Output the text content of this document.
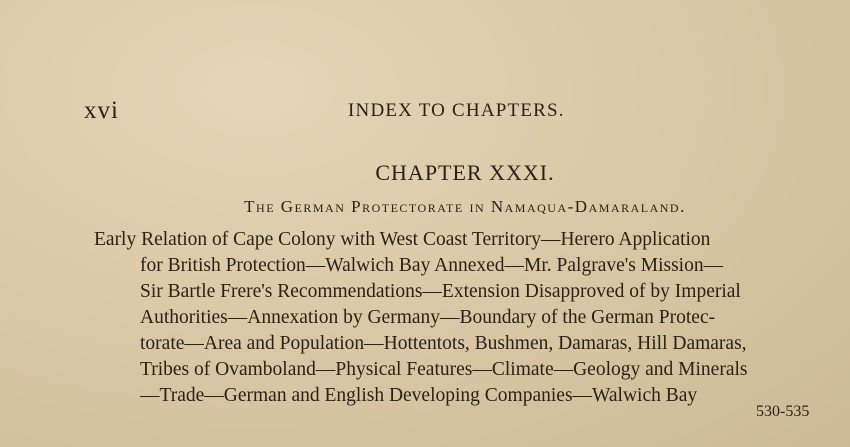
xvi	INDEX TO CHAPTERS.
CHAPTER XXXI.
The German Protectorate in Namaqua-Damaraland.
Early Relation of Cape Colony with West Coast Territory—Herero Application
for British Protection—Walwich Bay Annexed—Mr. Palgrave's Mission—
Sir Bartle Frere's Recommendations—Extension Disapproved of by Imperial
Authorities—Annexation by Germany—Boundary of the German Protec-
torate—Area and Population—Hottentots, Bushmen, Damaras, Hill Damaras,
Tribes of Ovamboland—Physical Features—Climate—Geology and Minerals
—Trade—German and English Developing Companies—Walwich Bay
530-535
